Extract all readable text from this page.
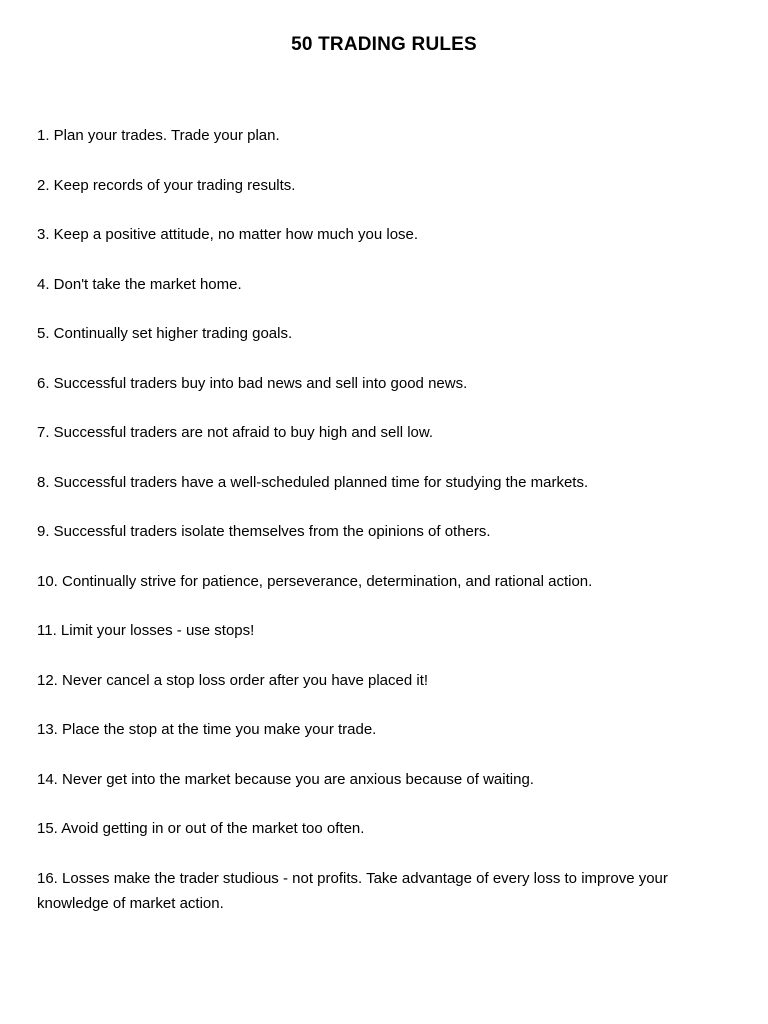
50 TRADING RULES
1. Plan your trades. Trade your plan.
2. Keep records of your trading results.
3. Keep a positive attitude, no matter how much you lose.
4. Don't take the market home.
5. Continually set higher trading goals.
6. Successful traders buy into bad news and sell into good news.
7. Successful traders are not afraid to buy high and sell low.
8. Successful traders have a well-scheduled planned time for studying the markets.
9. Successful traders isolate themselves from the opinions of others.
10. Continually strive for patience, perseverance, determination, and rational action.
11. Limit your losses - use stops!
12. Never cancel a stop loss order after you have placed it!
13. Place the stop at the time you make your trade.
14. Never get into the market because you are anxious because of waiting.
15. Avoid getting in or out of the market too often.
16. Losses make the trader studious - not profits. Take advantage of every loss to improve your knowledge of market action.
